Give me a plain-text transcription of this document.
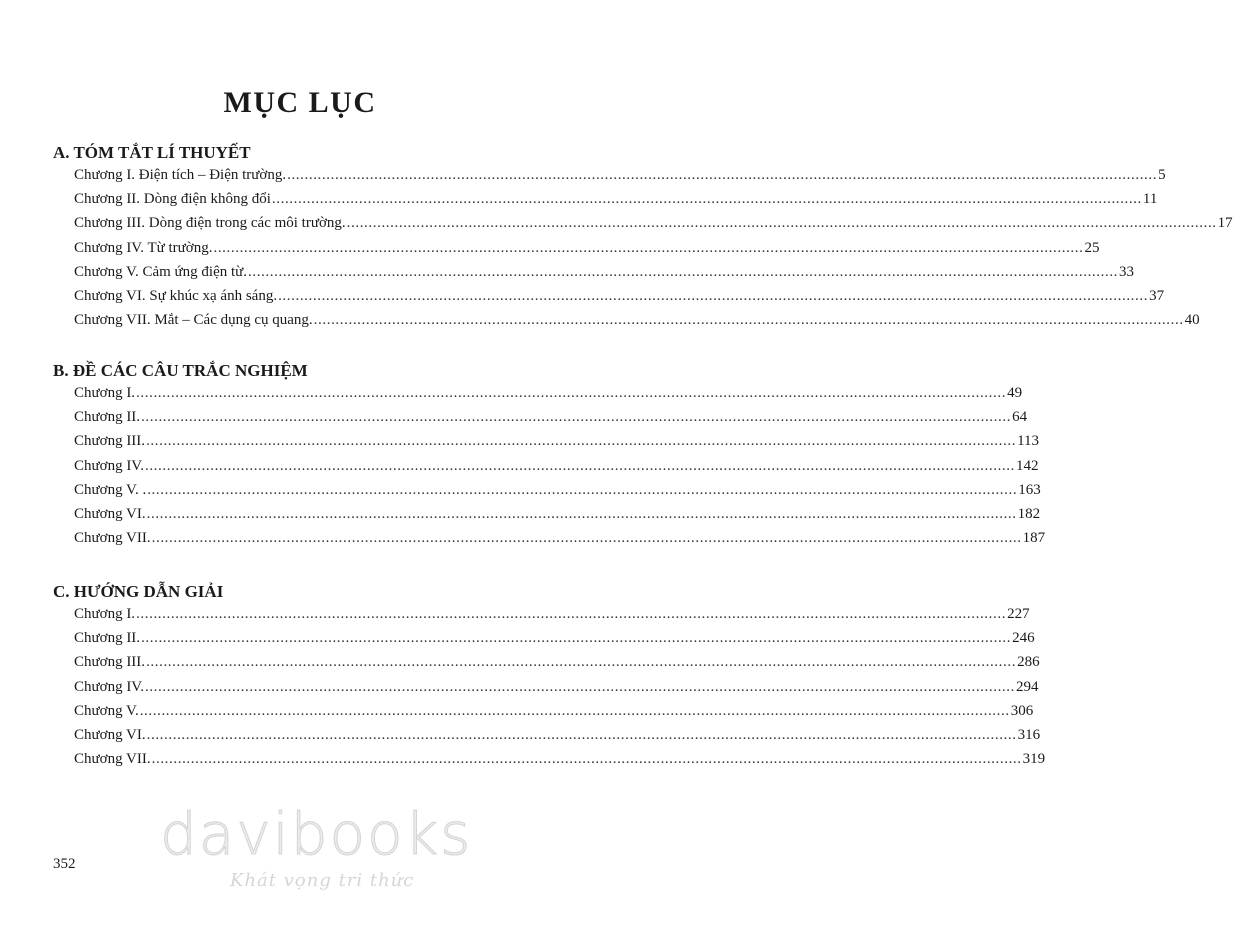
MỤC LỤC
A. TÓM TẮT LÍ THUYẾT
Chương I. Điện tích – Điện trường. ........................................................................................................................................................................................................ 5
Chương II. Dòng điện không đổi ........................................................................................................................................................................................................ 11
Chương III. Dòng điện trong các môi trường. ........................................................................................................................................................................................................ 17
Chương IV. Từ trường. ........................................................................................................................................................................................................ 25
Chương V. Cảm ứng điện từ. ........................................................................................................................................................................................................ 33
Chương VI. Sự khúc xạ ánh sáng. ........................................................................................................................................................................................................ 37
Chương VII. Mắt – Các dụng cụ quang. ........................................................................................................................................................................................................ 40
B. ĐỀ CÁC CÂU TRẮC NGHIỆM
Chương I. ........................................................................................................................................................................................................ 49
Chương II. ........................................................................................................................................................................................................ 64
Chương III. ........................................................................................................................................................................................................ 113
Chương IV. ........................................................................................................................................................................................................ 142
Chương V. . ........................................................................................................................................................................................................ 163
Chương VI. ........................................................................................................................................................................................................ 182
Chương VII. ........................................................................................................................................................................................................ 187
C. HƯỚNG DẪN GIẢI
Chương I. ........................................................................................................................................................................................................ 227
Chương II. ........................................................................................................................................................................................................ 246
Chương III. ........................................................................................................................................................................................................ 286
Chương IV. ........................................................................................................................................................................................................ 294
Chương V. ........................................................................................................................................................................................................ 306
Chương VI. ........................................................................................................................................................................................................ 316
Chương VII. ........................................................................................................................................................................................................ 319
davibooks
Khát vọng tri thức
352
